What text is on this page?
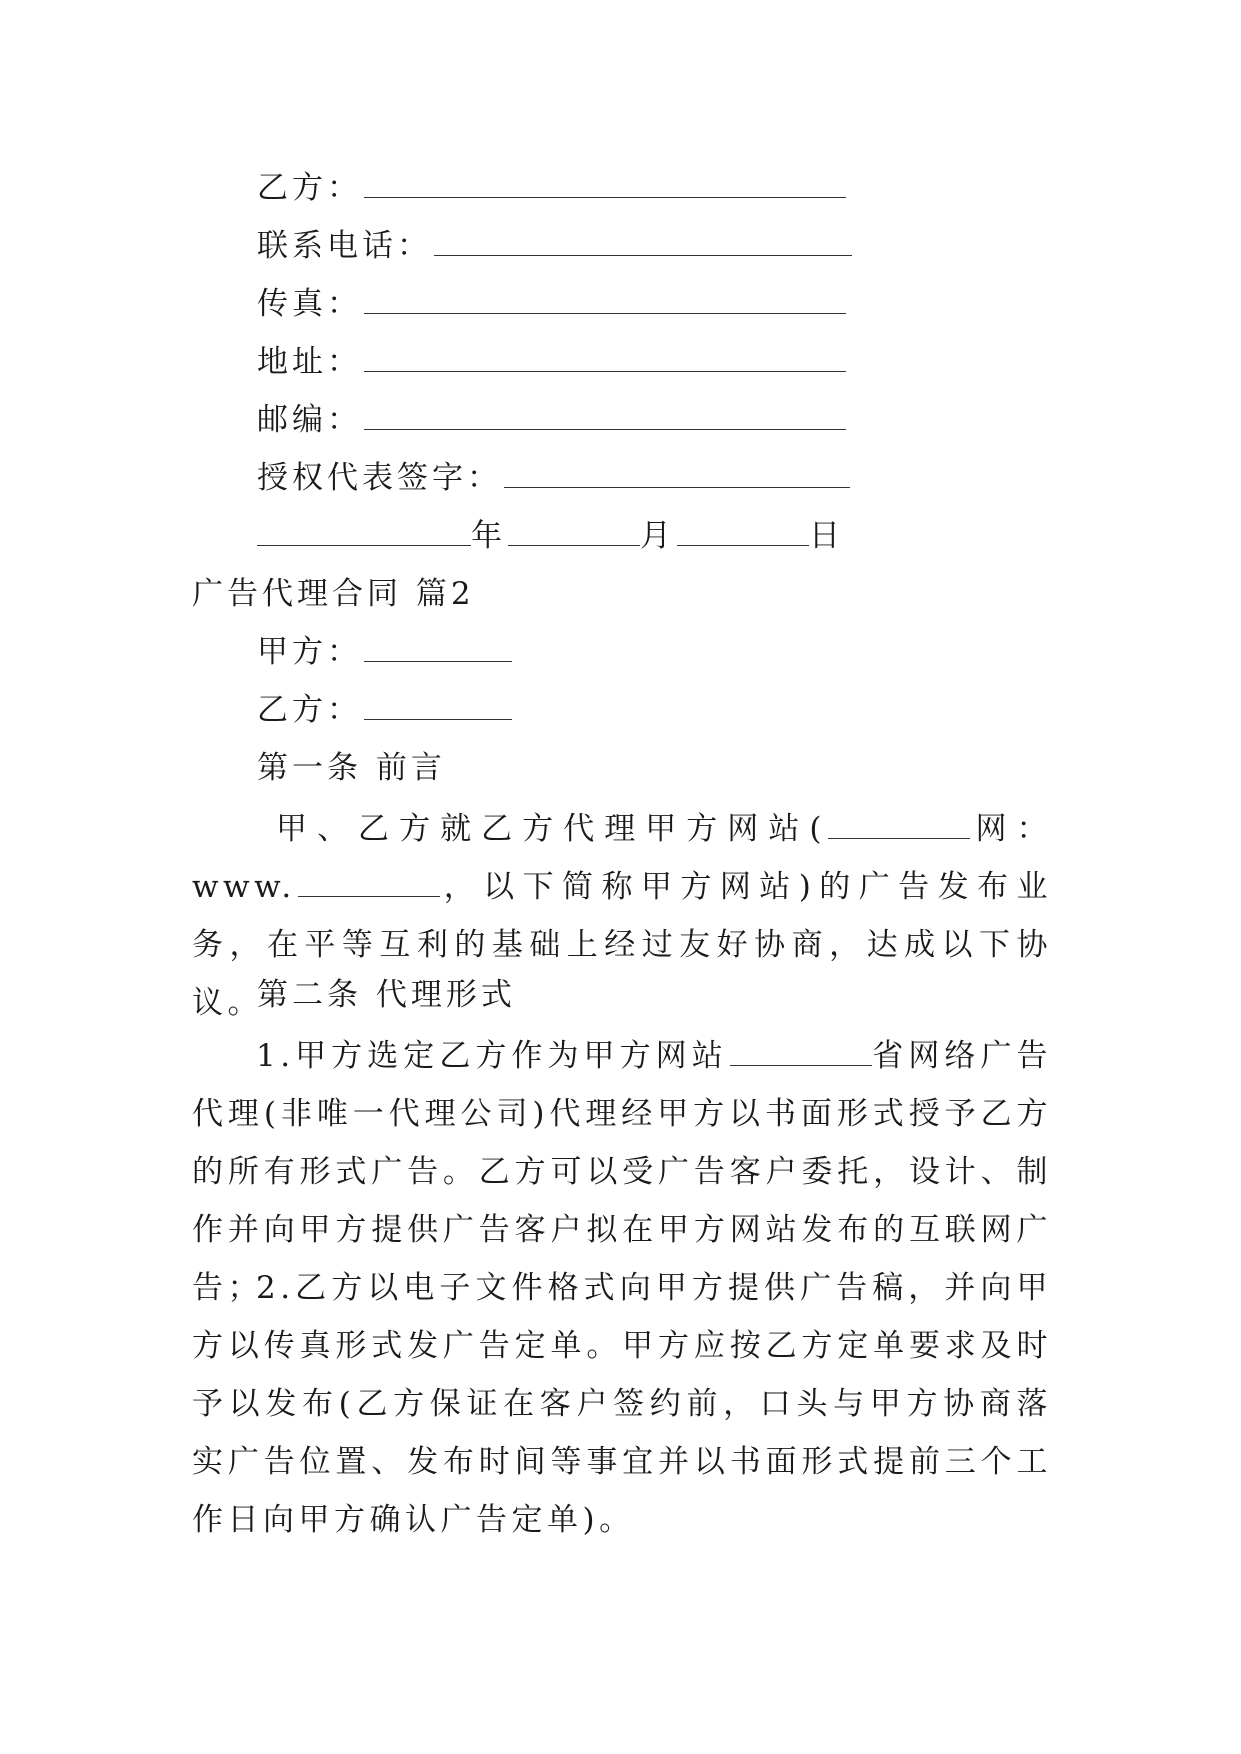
乙方：
联系电话：
传真：
地址：
邮编：
授权代表签字：
年	月	日
广告代理合同 篇2
甲方：
乙方：
第一条 前言
甲、乙方就乙方代理甲方网站(	网：www.	，以下简称甲方网站)的广告发布业务，在平等互利的基础上经过友好协商，达成以下协议。
第二条 代理形式
1.甲方选定乙方作为甲方网站	省网络广告代理(非唯一代理公司)代理经甲方以书面形式授予乙方的所有形式广告。乙方可以受广告客户委托，设计、制作并向甲方提供广告客户拟在甲方网站发布的互联网广告；
2.乙方以电子文件格式向甲方提供广告稿，并向甲方以传真形式发广告定单。甲方应按乙方定单要求及时予以发布(乙方保证在客户签约前，口头与甲方协商落实广告位置、发布时间等事宜并以书面形式提前三个工作日向甲方确认广告定单)。
